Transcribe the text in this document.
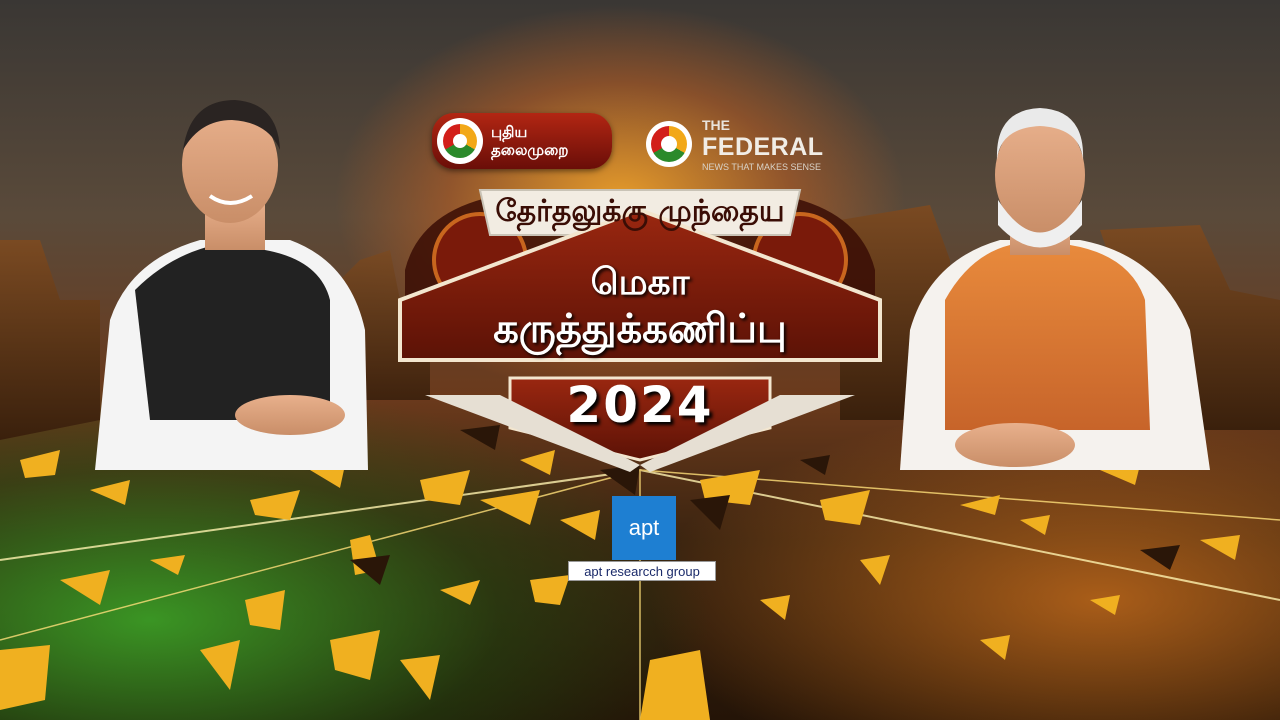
புதிய
தலைமுறை
THE
FEDERAL
NEWS THAT MAKES SENSE
தேர்தலுக்கு முந்தைய
மெகா
கருத்துக்கணிப்பு
2024
apt
apt researcch group
